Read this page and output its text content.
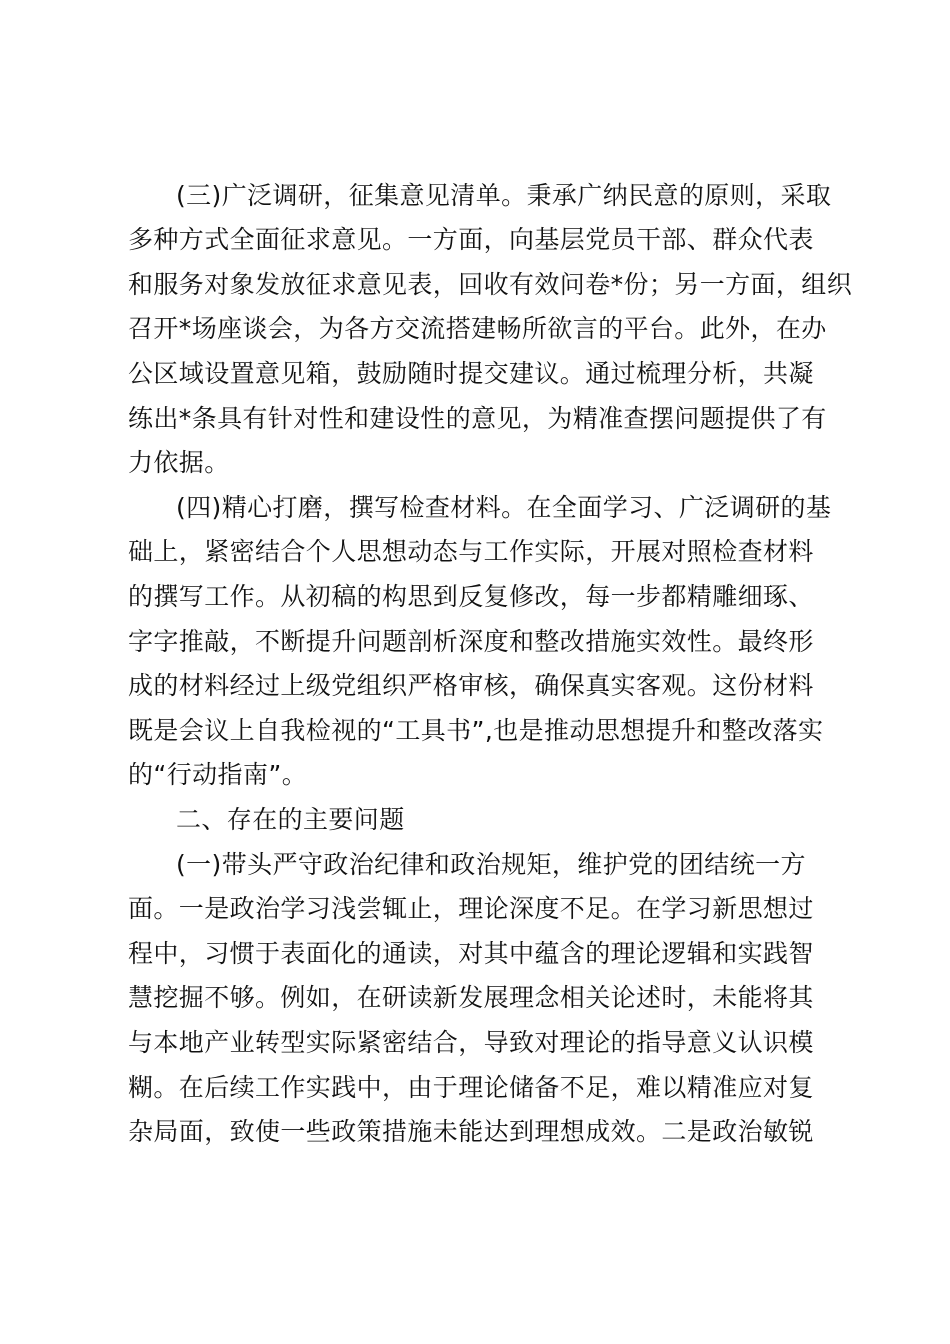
(三)广泛调研，征集意见清单。秉承广纳民意的原则，采取
多种方式全面征求意见。一方面，向基层党员干部、群众代表
和服务对象发放征求意见表，回收有效问卷*份；另一方面，组织
召开*场座谈会，为各方交流搭建畅所欲言的平台。此外，在办
公区域设置意见箱，鼓励随时提交建议。通过梳理分析，共凝
练出*条具有针对性和建设性的意见，为精准查摆问题提供了有
力依据。
(四)精心打磨，撰写检查材料。在全面学习、广泛调研的基
础上，紧密结合个人思想动态与工作实际，开展对照检查材料
的撰写工作。从初稿的构思到反复修改，每一步都精雕细琢、
字字推敲，不断提升问题剖析深度和整改措施实效性。最终形
成的材料经过上级党组织严格审核，确保真实客观。这份材料
既是会议上自我检视的“工具书”,也是推动思想提升和整改落实
的“行动指南”。
二、存在的主要问题
(一)带头严守政治纪律和政治规矩，维护党的团结统一方
面。一是政治学习浅尝辄止，理论深度不足。在学习新思想过
程中，习惯于表面化的通读，对其中蕴含的理论逻辑和实践智
慧挖掘不够。例如，在研读新发展理念相关论述时，未能将其
与本地产业转型实际紧密结合，导致对理论的指导意义认识模
糊。在后续工作实践中，由于理论储备不足，难以精准应对复
杂局面，致使一些政策措施未能达到理想成效。二是政治敏锐
